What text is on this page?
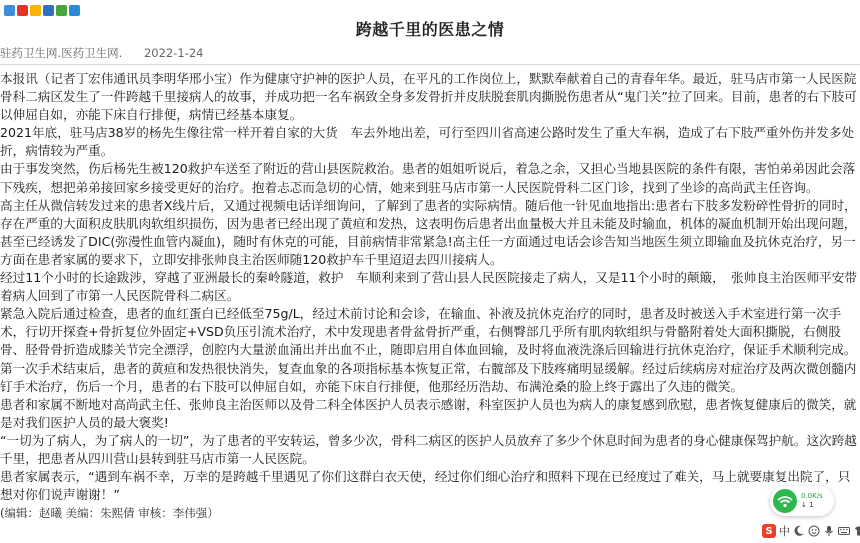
跨越千里的医患之情
驻药卫生网.医药卫生网. 2022-1-24

本报讯（记者丁宏伟通讯员李明华邢小宝）作为健康守护神的医护人员，在平凡的工作岗位上，默默奉献着自己的青春年华。最近，驻马店市第一人民医院骨科二病区发生了一件跨越千里接病人的故事，并成功把一名车祸致全身多发骨折并皮肤脱套肌肉撕脱伤患者从“鬼门关”拉了回来。目前，患者的右下肢可以伸屈自如，亦能下床自行排便，病情已经基本康复。

2021年底，驻马店38岁的杨先生像往常一样开着自家的大货　车去外地出差，可行至四川省高速公路时发生了重大车祸，造成了右下肢严重外伤并发多处折，病情较为严重。

由于事发突然，伤后杨先生被120救护车送至了附近的营山县医院救治。患者的姐姐听说后，着急之余，又担心当地县医院的条件有限，害怕弟弟因此会落下残疾，想把弟弟接回家乡接受更好的治疗。抱着忐忑而急切的心情，她来到驻马店市第一人民医院骨科二区门诊，找到了坐诊的高尚武主任咨询。

高主任从微信转发过来的患者X线片后，又通过视频电话详细询问，了解到了患者的实际病情。随后他一针见血地指出:患者右下肢多发粉碎性骨折的同时，存在严重的大面积皮肤肌肉软组织损伤，因为患者已经出现了黄疸和发热，这表明伤后患者出血量极大并且未能及时输血，机体的凝血机制开始出现问题，甚至已经诱发了DIC(弥漫性血管内凝血)，随时有休克的可能，目前病情非常紧急!高主任一方面通过电话会诊告知当地医生须立即输血及抗休克治疗，另一方面在患者家属的要求下，立即安排张帅良主治医师随120救护车千里迢迢去四川接病人。

经过11个小时的长途跋涉，穿越了亚洲最长的秦岭隧道，救护　车顺利来到了营山县人民医院接走了病人，又是11个小时的颠簸，　张帅良主治医师平安带着病人回到了市第一人民医院骨科二病区。

紧急入院后通过检查，患者的血红蛋白已经低至75g/L，经过术前讨论和会诊，在输血、补液及抗休克治疗的同时，患者及时被送入手术室进行第一次手术，行切开探查+骨折复位外固定+VSD负压引流术治疗，术中发现患者骨盆骨折严重，右侧臀部几乎所有肌肉软组织与骨骼附着处大面积撕脱，右侧股骨、胫骨骨折造成膝关节完全漂浮，创腔内大量淤血涌出并出血不止，随即启用自体血回输，及时将血液洗涤后回输进行抗休克治疗，保证手术顺利完成。

第一次手术结束后，患者的黄疸和发热很快消失，复查血象的各项指标基本恢复正常，右髋部及下肢疼痛明显缓解。经过后续病房对症治疗及两次微创髓内钉手术治疗，伤后一个月，患者的右下肢可以伸屈自如，亦能下床自行排便，他那经历浩劫、布满沧桑的脸上终于露出了久违的微笑。

患者和家属不断地对高尚武主任、张帅良主治医师以及骨二科全体医护人员表示感谢，科室医护人员也为病人的康复感到欣慰，患者恢复健康后的微笑，就是对我们医护人员的最大褒奖!

“一切为了病人，为了病人的一切”，为了患者的平安转运，曾多少次，骨科二病区的医护人员放弃了多少个休息时间为患者的身心健康保驾护航。这次跨越千里，把患者从四川营山县转到驻马店市第一人民医院。

患者家属表示，“遇到车祸不幸，万幸的是跨越千里遇见了你们这群白衣天使，经过你们细心治疗和照料下现在已经度过了难关，马上就要康复出院了，只想对你们说声谢谢！”

(编辑：赵曦 美编：朱熙倩 审核：李伟强）

0.0K/s
↓ 1
S 中
